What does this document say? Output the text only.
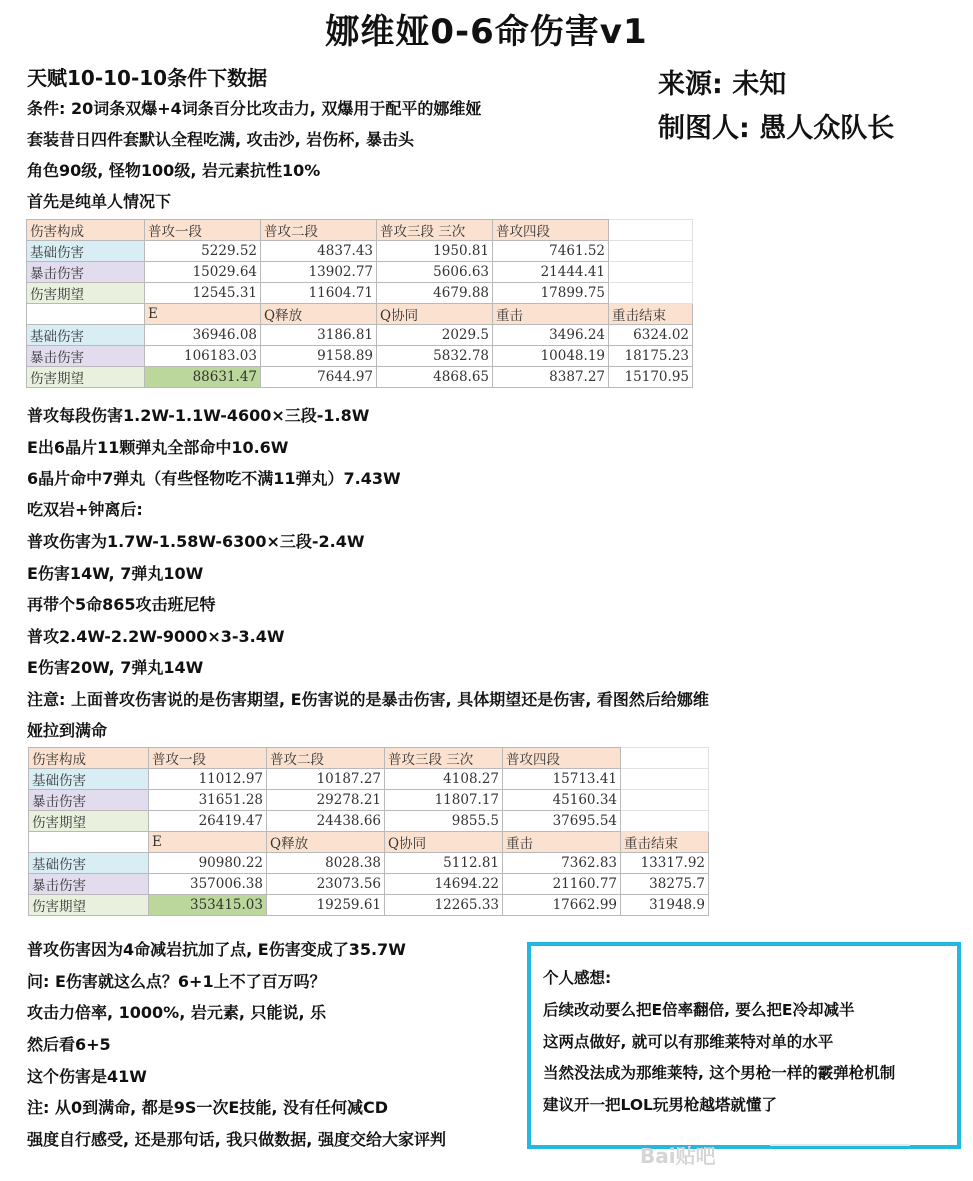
娜维娅0-6命伤害v1
天赋10-10-10条件下数据	来源: 未知
制图人: 愚人众队长
条件: 20词条双爆+4词条百分比攻击力, 双爆用于配平的娜维娅
套装昔日四件套默认全程吃满, 攻击沙, 岩伤杯, 暴击头
角色90级, 怪物100级, 岩元素抗性10%
首先是纯单人情况下
伤害构成	普攻一段	普攻二段	普攻三段 三次	普攻四段	
基础伤害	5229.52	4837.43	1950.81	7461.52	
暴击伤害	15029.64	13902.77	5606.63	21444.41	
伤害期望	12545.31	11604.71	4679.88	17899.75	
	E	Q释放	Q协同	重击	重击结束
基础伤害	36946.08	3186.81	2029.5	3496.24	6324.02
暴击伤害	106183.03	9158.89	5832.78	10048.19	18175.23
伤害期望	88631.47	7644.97	4868.65	8387.27	15170.95
普攻每段伤害1.2W-1.1W-4600×三段-1.8W
E出6晶片11颗弹丸全部命中10.6W
6晶片命中7弹丸（有些怪物吃不满11弹丸）7.43W
吃双岩+钟离后:
普攻伤害为1.7W-1.58W-6300×三段-2.4W
E伤害14W, 7弹丸10W
再带个5命865攻击班尼特
普攻2.4W-2.2W-9000×3-3.4W
E伤害20W, 7弹丸14W
注意: 上面普攻伤害说的是伤害期望, E伤害说的是暴击伤害, 具体期望还是伤害, 看图然后给娜维
娅拉到满命
伤害构成	普攻一段	普攻二段	普攻三段 三次	普攻四段	
基础伤害	11012.97	10187.27	4108.27	15713.41	
暴击伤害	31651.28	29278.21	11807.17	45160.34	
伤害期望	26419.47	24438.66	9855.5	37695.54	
	E	Q释放	Q协同	重击	重击结束
基础伤害	90980.22	8028.38	5112.81	7362.83	13317.92
暴击伤害	357006.38	23073.56	14694.22	21160.77	38275.7
伤害期望	353415.03	19259.61	12265.33	17662.99	31948.9
普攻伤害因为4命减岩抗加了点, E伤害变成了35.7W
问: E伤害就这么点？6+1上不了百万吗？
攻击力倍率, 1000%, 岩元素, 只能说, 乐
然后看6+5
这个伤害是41W
注: 从0到满命, 都是9S一次E技能, 没有任何减CD
强度自行感受, 还是那句话, 我只做数据, 强度交给大家评判
个人感想:
后续改动要么把E倍率翻倍, 要么把E冷却减半
这两点做好, 就可以有那维莱特对单的水平
当然没法成为那维莱特, 这个男枪一样的霰弹枪机制
建议开一把LOL玩男枪越塔就懂了
Bai贴吧
